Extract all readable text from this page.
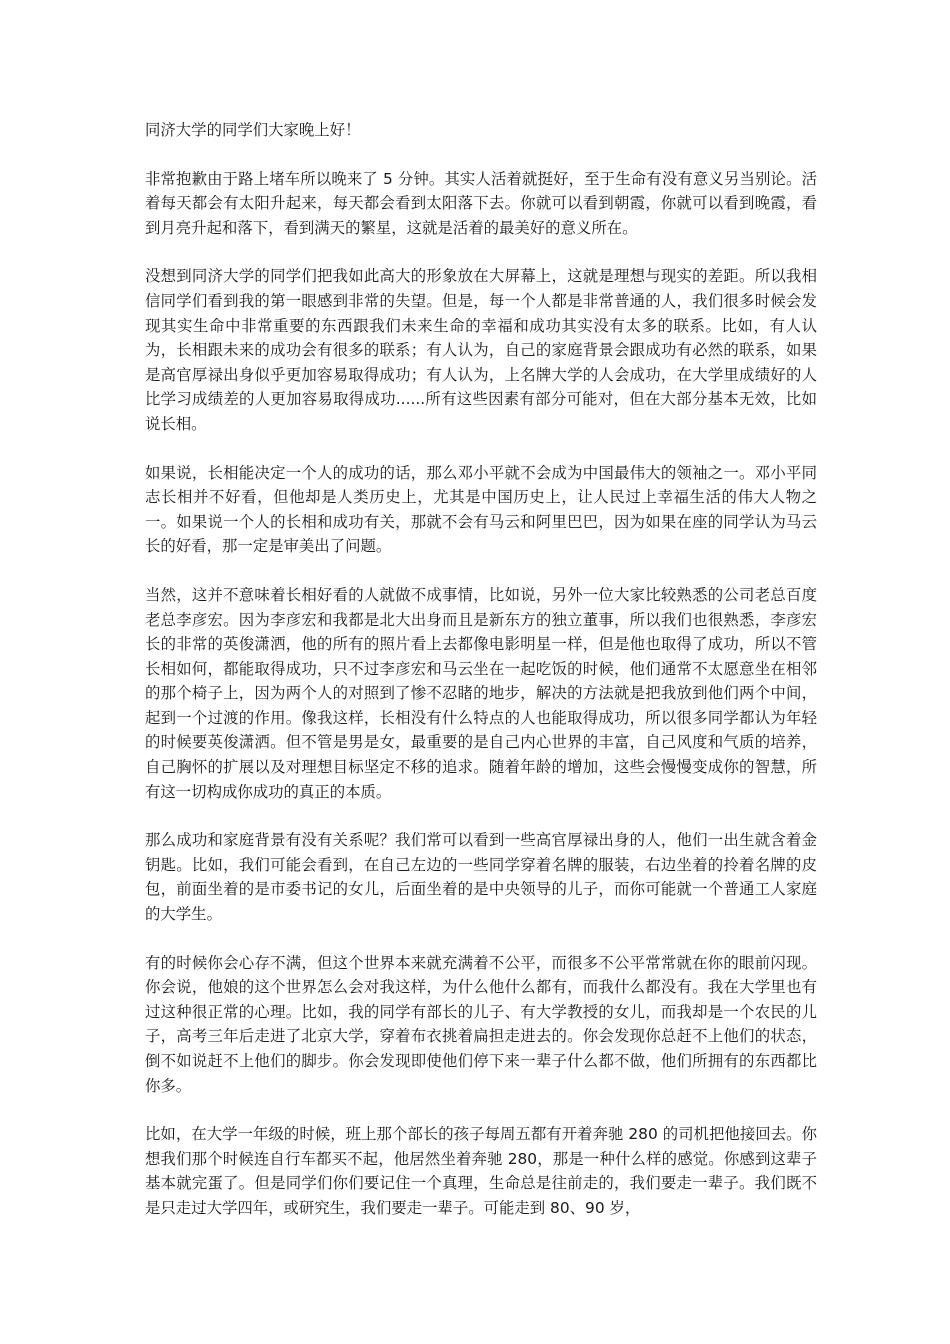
同济大学的同学们大家晚上好！

非常抱歉由于路上堵车所以晚来了 5 分钟。其实人活着就挺好，至于生命有没有意义另当别论。活着每天都会有太阳升起来，每天都会看到太阳落下去。你就可以看到朝霞，你就可以看到晚霞，看到月亮升起和落下，看到满天的繁星，这就是活着的最美好的意义所在。

没想到同济大学的同学们把我如此高大的形象放在大屏幕上，这就是理想与现实的差距。所以我相信同学们看到我的第一眼感到非常的失望。但是，每一个人都是非常普通的人，我们很多时候会发现其实生命中非常重要的东西跟我们未来生命的幸福和成功其实没有太多的联系。比如，有人认为，长相跟未来的成功会有很多的联系；有人认为，自己的家庭背景会跟成功有必然的联系，如果是高官厚禄出身似乎更加容易取得成功；有人认为，上名牌大学的人会成功，在大学里成绩好的人比学习成绩差的人更加容易取得成功......所有这些因素有部分可能对，但在大部分基本无效，比如说长相。

如果说，长相能决定一个人的成功的话，那么邓小平就不会成为中国最伟大的领袖之一。邓小平同志长相并不好看，但他却是人类历史上，尤其是中国历史上，让人民过上幸福生活的伟大人物之一。如果说一个人的长相和成功有关，那就不会有马云和阿里巴巴，因为如果在座的同学认为马云长的好看，那一定是审美出了问题。

当然，这并不意味着长相好看的人就做不成事情，比如说，另外一位大家比较熟悉的公司老总百度老总李彦宏。因为李彦宏和我都是北大出身而且是新东方的独立董事，所以我们也很熟悉，李彦宏长的非常的英俊潇洒，他的所有的照片看上去都像电影明星一样，但是他也取得了成功，所以不管长相如何，都能取得成功，只不过李彦宏和马云坐在一起吃饭的时候，他们通常不太愿意坐在相邻的那个椅子上，因为两个人的对照到了惨不忍睹的地步，解决的方法就是把我放到他们两个中间，起到一个过渡的作用。像我这样，长相没有什么特点的人也能取得成功，所以很多同学都认为年轻的时候要英俊潇洒。但不管是男是女，最重要的是自己内心世界的丰富，自己风度和气质的培养，自己胸怀的扩展以及对理想目标坚定不移的追求。随着年龄的增加，这些会慢慢变成你的智慧，所有这一切构成你成功的真正的本质。

那么成功和家庭背景有没有关系呢？我们常可以看到一些高官厚禄出身的人，他们一出生就含着金钥匙。比如，我们可能会看到，在自己左边的一些同学穿着名牌的服装，右边坐着的拎着名牌的皮包，前面坐着的是市委书记的女儿，后面坐着的是中央领导的儿子，而你可能就一个普通工人家庭的大学生。

有的时候你会心存不满，但这个世界本来就充满着不公平，而很多不公平常常就在你的眼前闪现。你会说，他娘的这个世界怎么会对我这样，为什么他什么都有，而我什么都没有。我在大学里也有过这种很正常的心理。比如，我的同学有部长的儿子、有大学教授的女儿，而我却是一个农民的儿子，高考三年后走进了北京大学，穿着布衣挑着扁担走进去的。你会发现你总赶不上他们的状态，倒不如说赶不上他们的脚步。你会发现即使他们停下来一辈子什么都不做，他们所拥有的东西都比你多。

比如，在大学一年级的时候，班上那个部长的孩子每周五都有开着奔驰 280 的司机把他接回去。你想我们那个时候连自行车都买不起，他居然坐着奔驰 280，那是一种什么样的感觉。你感到这辈子基本就完蛋了。但是同学们你们要记住一个真理，生命总是往前走的，我们要走一辈子。我们既不是只走过大学四年，或研究生，我们要走一辈子。可能走到 80、90 岁，
